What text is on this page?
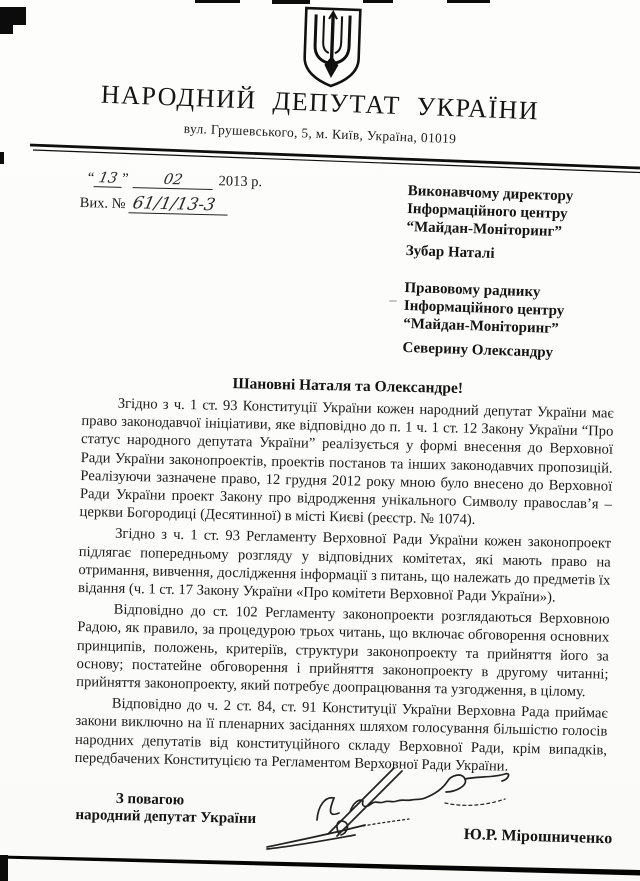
НАРОДНИЙ ДЕПУТАТ УКРАЇНИ
вул. Грушевського, 5, м. Київ, Україна, 01019
“ 13 ” 02 2013 р.
Вих. № 61/1/13-3	Виконавчому директору
Інформаційного центру
“Майдан-Моніторинг”
Зубар Наталі
Правовому раднику
Інформаційного центру
“Майдан-Моніторинг”
Северину Олександру
Шановні Наталя та Олександре!

Згідно з ч. 1 ст. 93 Конституції України кожен народний депутат України має право законодавчої ініціативи, яке відповідно до п. 1 ч. 1 ст. 12 Закону України “Про статус народного депутата України” реалізується у формі внесення до Верховної Ради України законопроектів, проектів постанов та інших законодавчих пропозицій. Реалізуючи зазначене право, 12 грудня 2012 року мною було внесено до Верховної Ради України проект Закону про відродження унікального Символу православ’я – церкви Богородиці (Десятинної) в місті Києві (реєстр. № 1074).

Згідно з ч. 1 ст. 93 Регламенту Верховної Ради України кожен законопроект підлягає попередньому розгляду у відповідних комітетах, які мають право на отримання, вивчення, дослідження інформації з питань, що належать до предметів їх відання (ч. 1 ст. 17 Закону України «Про комітети Верховної Ради України»).

Відповідно до ст. 102 Регламенту законопроекти розглядаються Верховною Радою, як правило, за процедурою трьох читань, що включає обговорення основних принципів, положень, критеріїв, структури законопроекту та прийняття його за основу; постатейне обговорення і прийняття законопроекту в другому читанні; прийняття законопроекту, який потребує доопрацювання та узгодження, в цілому.

Відповідно до ч. 2 ст. 84, ст. 91 Конституції України Верховна Рада приймає закони виключно на її пленарних засіданнях шляхом голосування більшістю голосів народних депутатів від конституційного складу Верховної Ради, крім випадків, передбачених Конституцією та Регламентом Верховної Ради України.

З повагою
народний депутат України
Ю.Р. Мірошниченко
